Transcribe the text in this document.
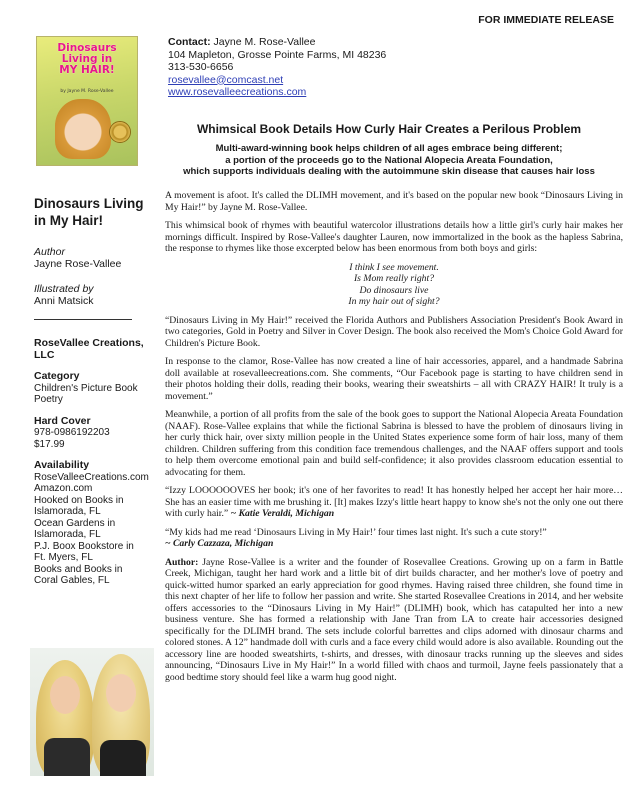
FOR IMMEDIATE RELEASE
Dinosaurs
Living in
MY HAIR!
by Jayne M. Rose-Vallee
Contact: Jayne M. Rose-Vallee
104 Mapleton, Grosse Pointe Farms, MI 48236
313-530-6656
rosevallee@comcast.net
www.rosevalleecreations.com
Whimsical Book Details How Curly Hair Creates a Perilous Problem
Multi-award-winning book helps children of all ages embrace being different;
a portion of the proceeds go to the National Alopecia Areata Foundation,
which supports individuals dealing with the autoimmune skin disease that causes hair loss
Dinosaurs Living in My Hair!
Author
Jayne Rose-Vallee
Illustrated by
Anni Matsick
RoseVallee Creations, LLC
Category
Children's Picture Book
Poetry
Hard Cover
978-0986192203
$17.99
Availability
RoseValleeCreations.com
Amazon.com
Hooked on Books in
Islamorada, FL
Ocean Gardens in
Islamorada, FL
P.J. Boox Bookstore in
Ft. Myers, FL
Books and Books in
Coral Gables, FL

A movement is afoot. It's called the DLIMH movement, and it's based on the popular new book “Dinosaurs Living in My Hair!” by Jayne M. Rose-Vallee.

This whimsical book of rhymes with beautiful watercolor illustrations details how a little girl's curly hair makes her mornings difficult. Inspired by Rose-Vallee's daughter Lauren, now immortalized in the book as the hapless Sabrina, the response to rhymes like those excerpted below has been enormous from both boys and girls:

I think I see movement.
Is Mom really right?
Do dinosaurs live
In my hair out of sight?

“Dinosaurs Living in My Hair!” received the Florida Authors and Publishers Association President's Book Award in two categories, Gold in Poetry and Silver in Cover Design. The book also received the Mom's Choice Gold Award for Children's Picture Book.

In response to the clamor, Rose-Vallee has now created a line of hair accessories, apparel, and a handmade Sabrina doll available at rosevalleecreations.com. She comments, “Our Facebook page is starting to have children send in their photos holding their dolls, reading their books, wearing their sweatshirts – all with CRAZY HAIR! It truly is a movement.”

Meanwhile, a portion of all profits from the sale of the book goes to support the National Alopecia Areata Foundation (NAAF). Rose-Vallee explains that while the fictional Sabrina is blessed to have the problem of dinosaurs living in her curly thick hair, over sixty million people in the United States experience some form of hair loss, many of them children. Children suffering from this condition face tremendous challenges, and the NAAF offers support and tools to help them overcome emotional pain and build self-confidence; it also provides classroom education essential to advocating for them.

“Izzy LOOOOOOVES her book; it's one of her favorites to read! It has honestly helped her accept her hair more…She has an easier time with me brushing it. [It] makes Izzy's little heart happy to know she's not the only one out there with curly hair.” ~ Katie Veraldi, Michigan

“My kids had me read ‘Dinosaurs Living in My Hair!’ four times last night. It's such a cute story!”
~ Carly Cazzaza, Michigan

Author: Jayne Rose-Vallee is a writer and the founder of Rosevallee Creations. Growing up on a farm in Battle Creek, Michigan, taught her hard work and a little bit of dirt builds character, and her mother's love of poetry and quick-witted humor sparked an early appreciation for good rhymes. Having raised three children, she found time in this next chapter of her life to follow her passion and write. She started Rosevallee Creations in 2014, and her website offers accessories to the “Dinosaurs Living in My Hair!” (DLIMH) book, which has catapulted her into a new business venture. She has formed a relationship with Jane Tran from LA to create hair accessories designed specifically for the DLIMH brand. The sets include colorful barrettes and clips adorned with dinosaur charms and colored stones. A 12” handmade doll with curls and a face every child would adore is also available. Rounding out the accessory line are hooded sweatshirts, t-shirts, and dresses, with dinosaur tracks running up the sleeves and sides announcing, “Dinosaurs Live in My Hair!” In a world filled with chaos and turmoil, Jayne feels passionately that a good bedtime story should feel like a warm hug good night.
